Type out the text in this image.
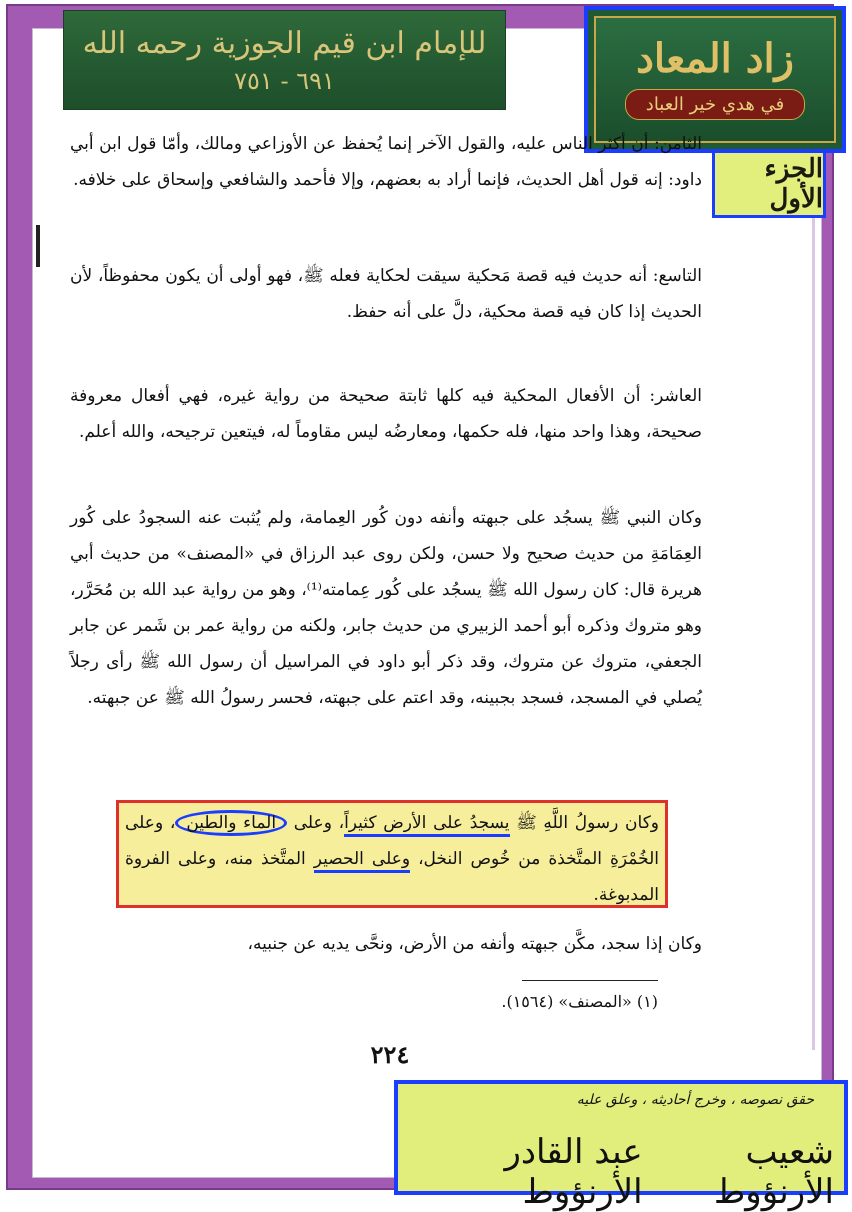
للإمام ابن قيم الجوزية رحمه الله
٦٩١ - ٧٥١	زاد المعاد
في هدي خير العباد
الجزء الأول
الثامن: أن أكثر الناس عليه، والقول الآخر إنما يُحفظ عن الأوزاعي ومالك، وأمّا قول ابن أبي داود: إنه قول أهل الحديث، فإنما أراد به بعضهم، وإلا فأحمد والشافعي وإسحاق على خلافه.
التاسع: أنه حديث فيه قصة مَحكية سيقت لحكاية فعله ﷺ، فهو أولى أن يكون محفوظاً، لأن الحديث إذا كان فيه قصة محكية، دلَّ على أنه حفظ.
العاشر: أن الأفعال المحكية فيه كلها ثابتة صحيحة من رواية غيره، فهي أفعال معروفة صحيحة، وهذا واحد منها، فله حكمها، ومعارضُه ليس مقاوماً له، فيتعين ترجيحه، والله أعلم.
وكان النبي ﷺ يسجُد على جبهته وأنفه دون كُور العِمامة، ولم يُثبت عنه السجودُ على كُور العِمَامَةِ من حديث صحيح ولا حسن، ولكن روى عبد الرزاق في «المصنف» من حديث أبي هريرة قال: كان رسول الله ﷺ يسجُد على كُور عِمامته⁽¹⁾، وهو من رواية عبد الله بن مُحَرَّر، وهو متروك وذكره أبو أحمد الزبيري من حديث جابر، ولكنه من رواية عمر بن شَمر عن جابر الجعفي، متروك عن متروك، وقد ذكر أبو داود في المراسيل أن رسول الله ﷺ رأى رجلاً يُصلي في المسجد، فسجد بجبينه، وقد اعتم على جبهته، فحسر رسولُ الله ﷺ عن جبهته.
وكان رسولُ اللَّهِ ﷺ يسجدُ على الأرض كثيراً، وعلى الماء والطين، وعلى الخُمْرَةِ المتَّخذة من خُوص النخل، وعلى الحصير المتَّخذ منه، وعلى الفروة المدبوغة.
وكان إذا سجد، مكَّن جبهته وأنفه من الأرض، ونحَّى يديه عن جنبيه،
(١) «المصنف» (١٥٦٤).
٢٢٤
حقق نصوصه ، وخرج أحاديثه ، وعلق عليه
شعيب الأرنؤوط
عبد القادر الأرنؤوط
